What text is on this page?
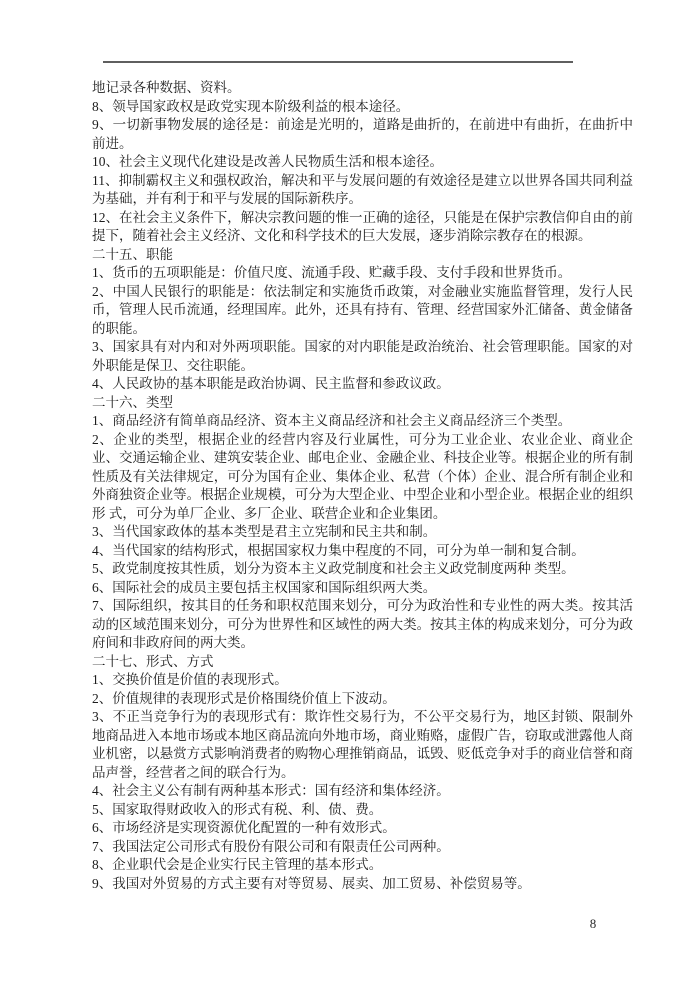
地记录各种数据、资料。

8、领导国家政权是政党实现本阶级利益的根本途径。

9、一切新事物发展的途径是：前途是光明的，道路是曲折的，在前进中有曲折，在曲折中前进。

10、社会主义现代化建设是改善人民物质生活和根本途径。

11、抑制霸权主义和强权政治，解决和平与发展问题的有效途径是建立以世界各国共同利益为基础，并有利于和平与发展的国际新秩序。

12、在社会主义条件下，解决宗教问题的惟一正确的途径，只能是在保护宗教信仰自由的前提下，随着社会主义经济、文化和科学技术的巨大发展，逐步消除宗教存在的根源。

二十五、职能

1、货币的五项职能是：价值尺度、流通手段、贮藏手段、支付手段和世界货币。

2、中国人民银行的职能是：依法制定和实施货币政策，对金融业实施监督管理，发行人民币，管理人民币流通，经理国库。此外，还具有持有、管理、经营国家外汇储备、黄金储备的职能。

3、国家具有对内和对外两项职能。国家的对内职能是政治统治、社会管理职能。国家的对外职能是保卫、交往职能。

4、人民政协的基本职能是政治协调、民主监督和参政议政。

二十六、类型

1、商品经济有简单商品经济、资本主义商品经济和社会主义商品经济三个类型。

2、企业的类型，根据企业的经营内容及行业属性，可分为工业企业、农业企业、商业企业、交通运输企业、建筑安装企业、邮电企业、金融企业、科技企业等。根据企业的所有制性质及有关法律规定，可分为国有企业、集体企业、私营（个体）企业、混合所有制企业和外商独资企业等。根据企业规模，可分为大型企业、中型企业和小型企业。根据企业的组织形 式，可分为单厂企业、多厂企业、联营企业和企业集团。

3、当代国家政体的基本类型是君主立宪制和民主共和制。

4、当代国家的结构形式，根据国家权力集中程度的不同，可分为单一制和复合制。

5、政党制度按其性质，划分为资本主义政党制度和社会主义政党制度两种 类型。

6、国际社会的成员主要包括主权国家和国际组织两大类。

7、国际组织，按其目的任务和职权范围来划分，可分为政治性和专业性的两大类。按其活动的区域范围来划分，可分为世界性和区域性的两大类。按其主体的构成来划分，可分为政府间和非政府间的两大类。

二十七、形式、方式

1、交换价值是价值的表现形式。

2、价值规律的表现形式是价格围绕价值上下波动。

3、不正当竞争行为的表现形式有：欺诈性交易行为，不公平交易行为，地区封锁、限制外地商品进入本地市场或本地区商品流向外地市场，商业贿赂，虚假广告，窃取或泄露他人商业机密，以悬赏方式影响消费者的购物心理推销商品，诋毁、贬低竞争对手的商业信誉和商品声誉，经营者之间的联合行为。

4、社会主义公有制有两种基本形式：国有经济和集体经济。

5、国家取得财政收入的形式有税、利、债、费。

6、市场经济是实现资源优化配置的一种有效形式。

7、我国法定公司形式有股份有限公司和有限责任公司两种。

8、企业职代会是企业实行民主管理的基本形式。

9、我国对外贸易的方式主要有对等贸易、展卖、加工贸易、补偿贸易等。

8
